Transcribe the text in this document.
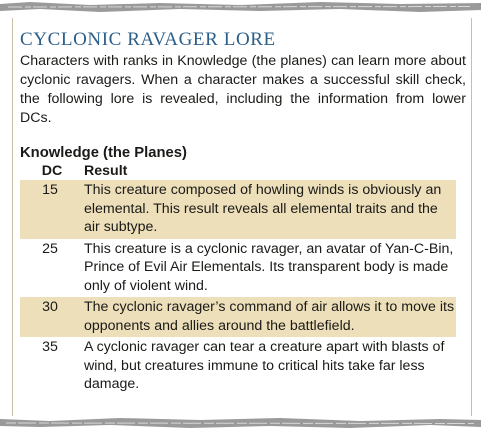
CYCLONIC RAVAGER LORE

Characters with ranks in Knowledge (the planes) can learn more about cyclonic ravagers. When a character makes a successful skill check, the following lore is revealed, including the information from lower DCs.

Knowledge (the Planes)
DC	Result
15	This creature composed of howling winds is obviously an elemental. This result reveals all elemental traits and the air subtype.
25	This creature is a cyclonic ravager, an avatar of Yan-C-Bin, Prince of Evil Air Elementals. Its transparent body is made only of violent wind.
30	The cyclonic ravager’s command of air allows it to move its opponents and allies around the battlefield.
35	A cyclonic ravager can tear a creature apart with blasts of wind, but creatures immune to critical hits take far less damage.
